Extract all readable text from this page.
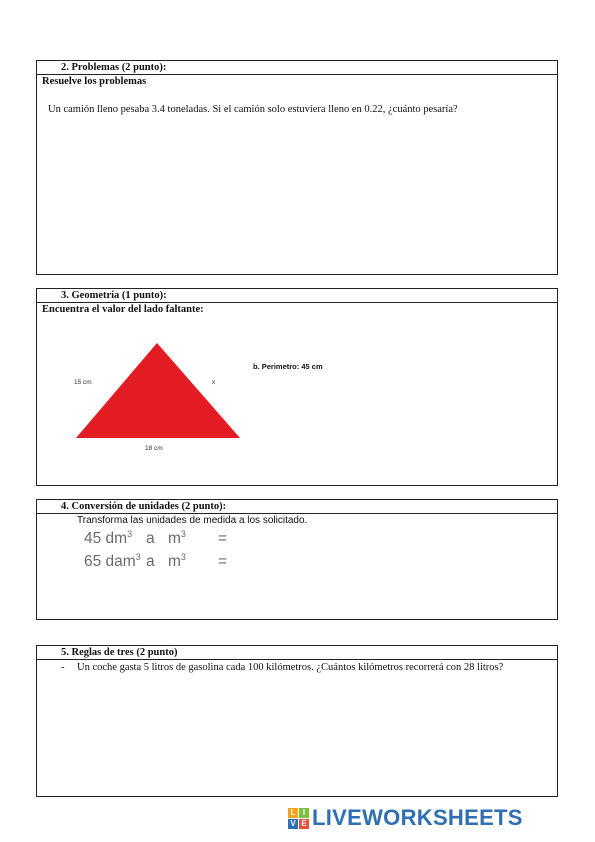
2. Problemas (2 punto):
Resuelve los problemas
Un camión lleno pesaba 3.4 toneladas. Si el camión solo estuviera lleno en 0.22, ¿cuánto pesaría?
3. Geometría (1 punto):
Encuentra el valor del lado faltante:
15 cm	x
18 cm
b. Perimetro: 45 cm
4. Conversión de unidades (2 punto):
Transforma las unidades de medida a los solicitado.
45 $dm^3$ a $m^3$ =
65 dam$^3$ a $m^3$ =
5. Reglas de tres (2 punto)
- Un coche gasta 5 litros de gasolina cada 100 kilómetros. ¿Cuántos kilómetros recorrerá con 28 litros?
L I
V E LIVEWORKSHEETS
